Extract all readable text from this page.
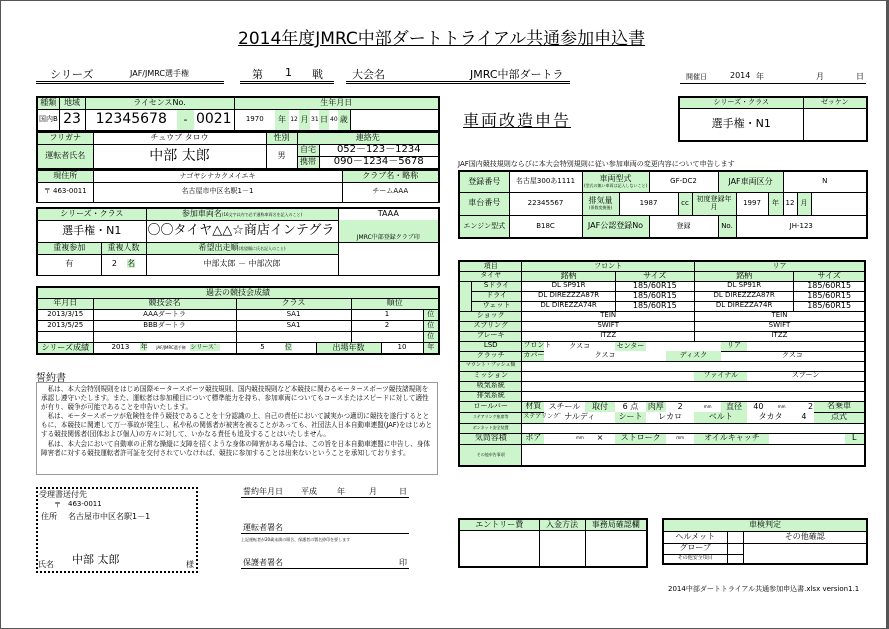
2014年度JMRC中部ダートトライアル共通参加申込書
シリーズ	JAF/JMRC選手権	第 1 戦	大会名	JMRC中部ダートラ	開催日	2014 年	月	日
種類	地域	ライセンスNo.			生年月日								
国内B	23	12345678	-	0021	1970	年	12	月	31	日	40	歳	
フリガナ	チュウブ タロウ	性別	連絡先	
運転者氏名	中部 太郎	男	自宅	052－123－1234
			携帯	090－1234－5678
現住所	ナゴヤシナカクメイエキ	クラブ名・略称
〒 463-0011	名古屋市中区名駅1－1	チームAAA
シリーズ・クラス		参加車両名(16文字以内で必ず通称車両名を記入のこと)	TAAA
選手権・N1		〇〇タイヤ△△☆商店インテグラ	JMRC中部登録クラブ印
重複参加	重複人数	希望出走順(希望順に氏名記入のこと)	
有	2 名	中部太郎 － 中部次郎	
過去の競技会成績						
年月日	競技会名	クラス		順位		
2013/3/15	AAAダートラ	SA1		1		位
2013/5/25	BBBダートラ	SA1		2		位
						位
シリーズ成績	2013 年 JAF/JMRC選手権 シリース゛	5 位	出場年数		10	年
誓約書

私は、本大会特別規則をはじめ国際モータースポーツ競技規則、国内競技規則など本競技に関わるモータースポーツ競技諸規則を承認し遵守いたします。また、運転者は参加種目について標準能力を持ち、参加車両についてもコースまたはスピードに対して適性が有り、競争が可能であることを申告いたします。

私は、モータースポーツが危険性を伴う競技であることを十分認識の上、自己の責任において誠実かつ適切に競技を遂行するとともに、本競技に関連して万一事故が発生し、私や私の関係者が被害を被ることがあっても、社団法人日本自動車連盟(JAF)をはじめとする競技関係者(団体および個人)の方々に対して、いかなる責任も追及することはいたしません。

私は、本大会において自動車の正常な操縦に支障を招くような身体の障害がある場合は、この旨を日本自動車連盟に申告し、身体障害者に対する競技運転者許可証を交付されていなければ、競技に参加することは出来ないということを承知しております。

受理書送付先
〒 463-0011
住所 名古屋市中区名駅1－1
氏名 中部 太郎	様
誓約年月日 平成	年	月	日
運転者署名
上記運転者が20歳未満の場合、保護者の署名捺印を要します
保護者署名	印
車両改造申告
シリーズ・クラス	ゼッケン
選手権・N1	
JAF国内競技規則ならびに本大会特別規則に従い参加車両の変更内容について申告します
登録番号	名古屋300あ1111	車両型式
(型式の無い車両は記入しないこと)		GF-DC2			JAF車両区分			N		
車台番号	22345567	排気量
(係数変換後)	1987		cc	初度登録年月		1997	年	12	月	
エンジン型式	B18C	JAF公認登録No		登録			No.	JH-123				
項目		フロント						リア						
タイヤ		銘柄			サイズ			銘柄				サイズ		
	Sドライ	DL SP91R			185/60R15			DL SP91R				185/60R15		
	ドライ	DL DIREZZZA87R			185/60R15			DL DIREZZZA87R				185/60R15		
	ウェット	DL DIREZZA74R			185/60R15			DL DIREZZA74R				185/60R15		
ショック		TEIN						TEIN						
スプリング		SWIFT						SWIFT						
ブレーキ		ITZZ						ITZZ						
LSD		フロント	クスコ		センター				リア					
クラッチ		カバー	クスコ				ディスク		クスコ					
マウント・ブッシュ類														
ミッション								ファイナル		スプーン				
吸気系統														
排気系統														
ロールバー		材質	スチール	取付	6 点	肉厚	2	mm	直径	40	mm	2	名乗車	
ステアリング座席等		ステアリング゛	ナルディ		シート	レカロ		ベルト		タカタ		4	点式	
ボンネット安全装置														
気筒容積		ボア	mm	×	ストローク		mm	オイルキャッチ						L
その他申告事項														
エントリー費	入金方法	事務局確認欄
			車検判定		
ヘルメット		その他確認
グローブ		
その他安全項目		
2014中部ダートトライアル共通参加申込書.xlsx version1.1
